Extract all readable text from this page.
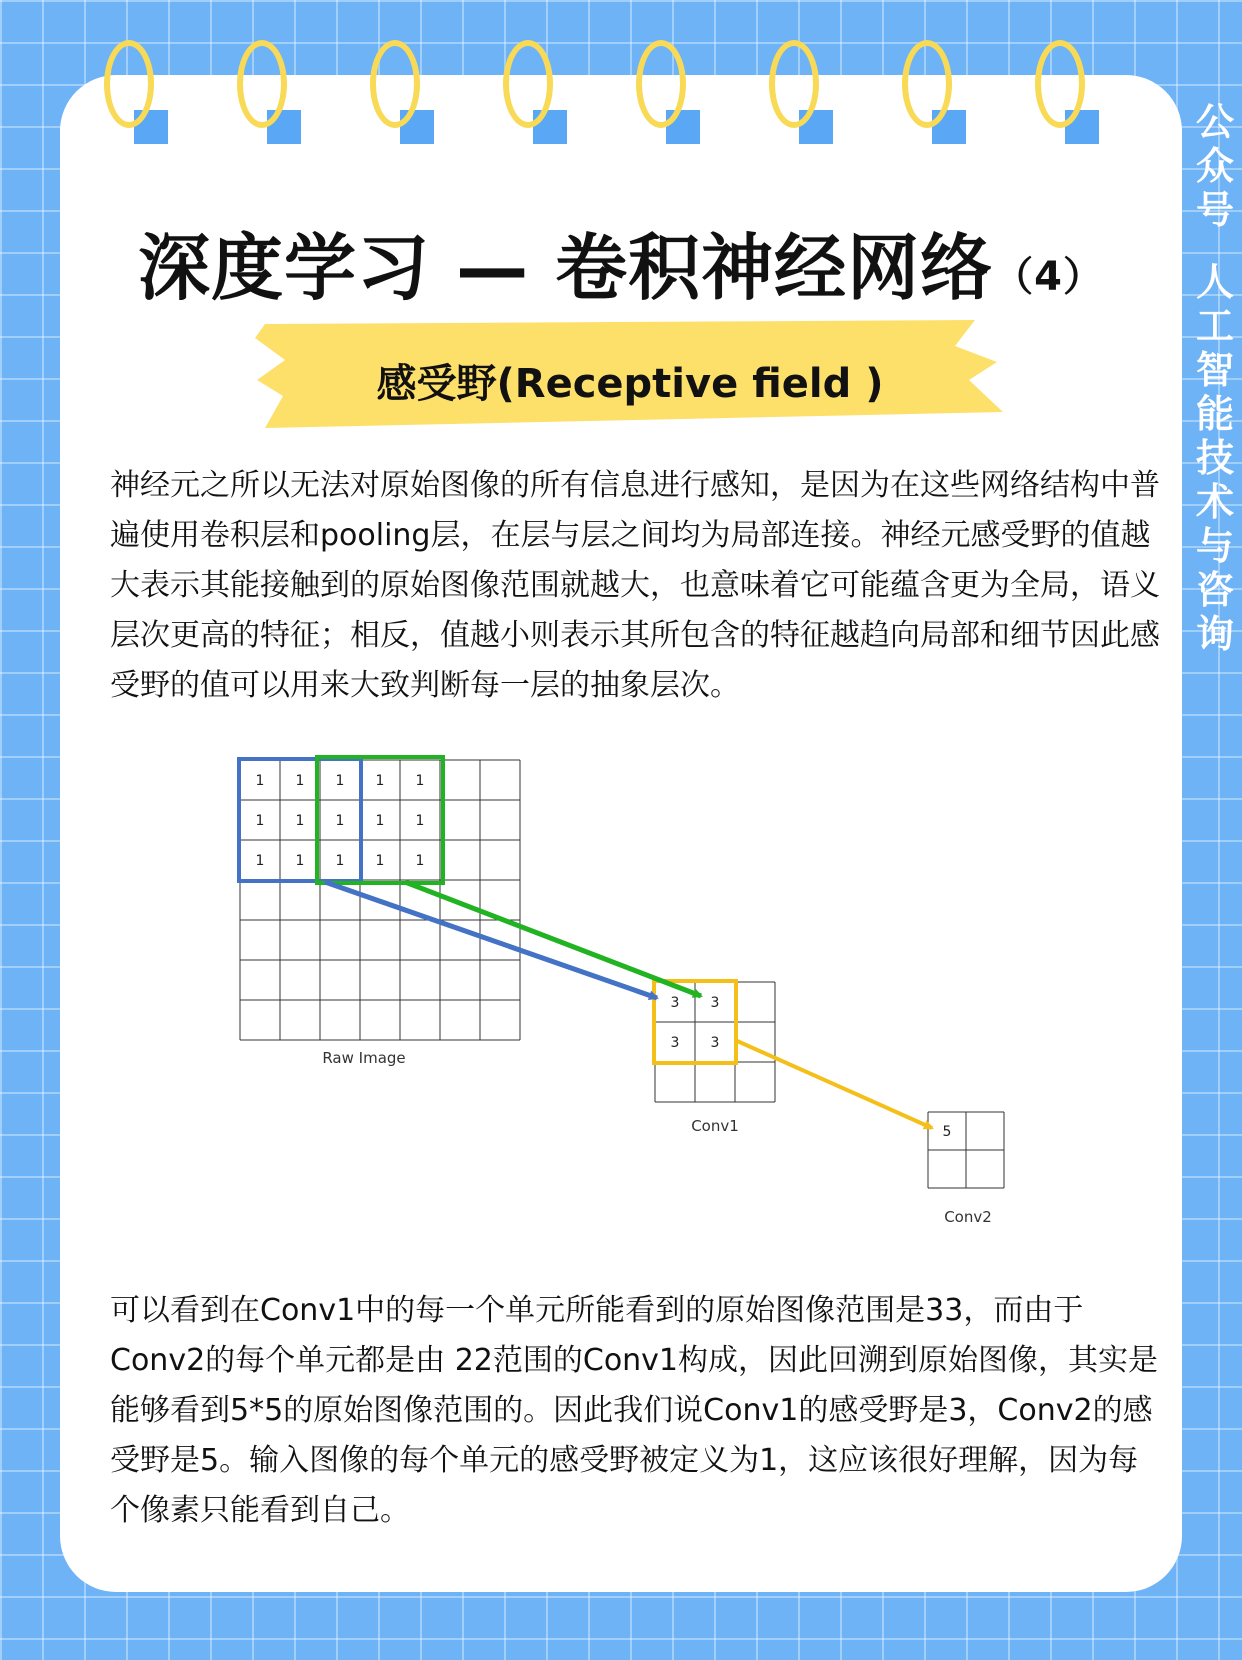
公
众
号

人
工
智
能
技
术
与
咨
询
深度学习 — 卷积神经网络（4）
感受野(Receptive field )

神经元之所以无法对原始图像的所有信息进行感知，是因为在这些网络结构中普遍使用卷积层和pooling层，在层与层之间均为局部连接。神经元感受野的值越大表示其能接触到的原始图像范围就越大，也意味着它可能蕴含更为全局，语义层次更高的特征；相反，值越小则表示其所包含的特征越趋向局部和细节因此感受野的值可以用来大致判断每一层的抽象层次。

1 1 1 1 1
1 1 1 1 1
1 1 1 1 1
Raw Image
3 3
3 3
Conv1	5
Conv2

可以看到在Conv1中的每一个单元所能看到的原始图像范围是33，而由于Conv2的每个单元都是由 22范围的Conv1构成，因此回溯到原始图像，其实是能够看到5*5的原始图像范围的。因此我们说Conv1的感受野是3，Conv2的感受野是5。输入图像的每个单元的感受野被定义为1，这应该很好理解，因为每个像素只能看到自己。
